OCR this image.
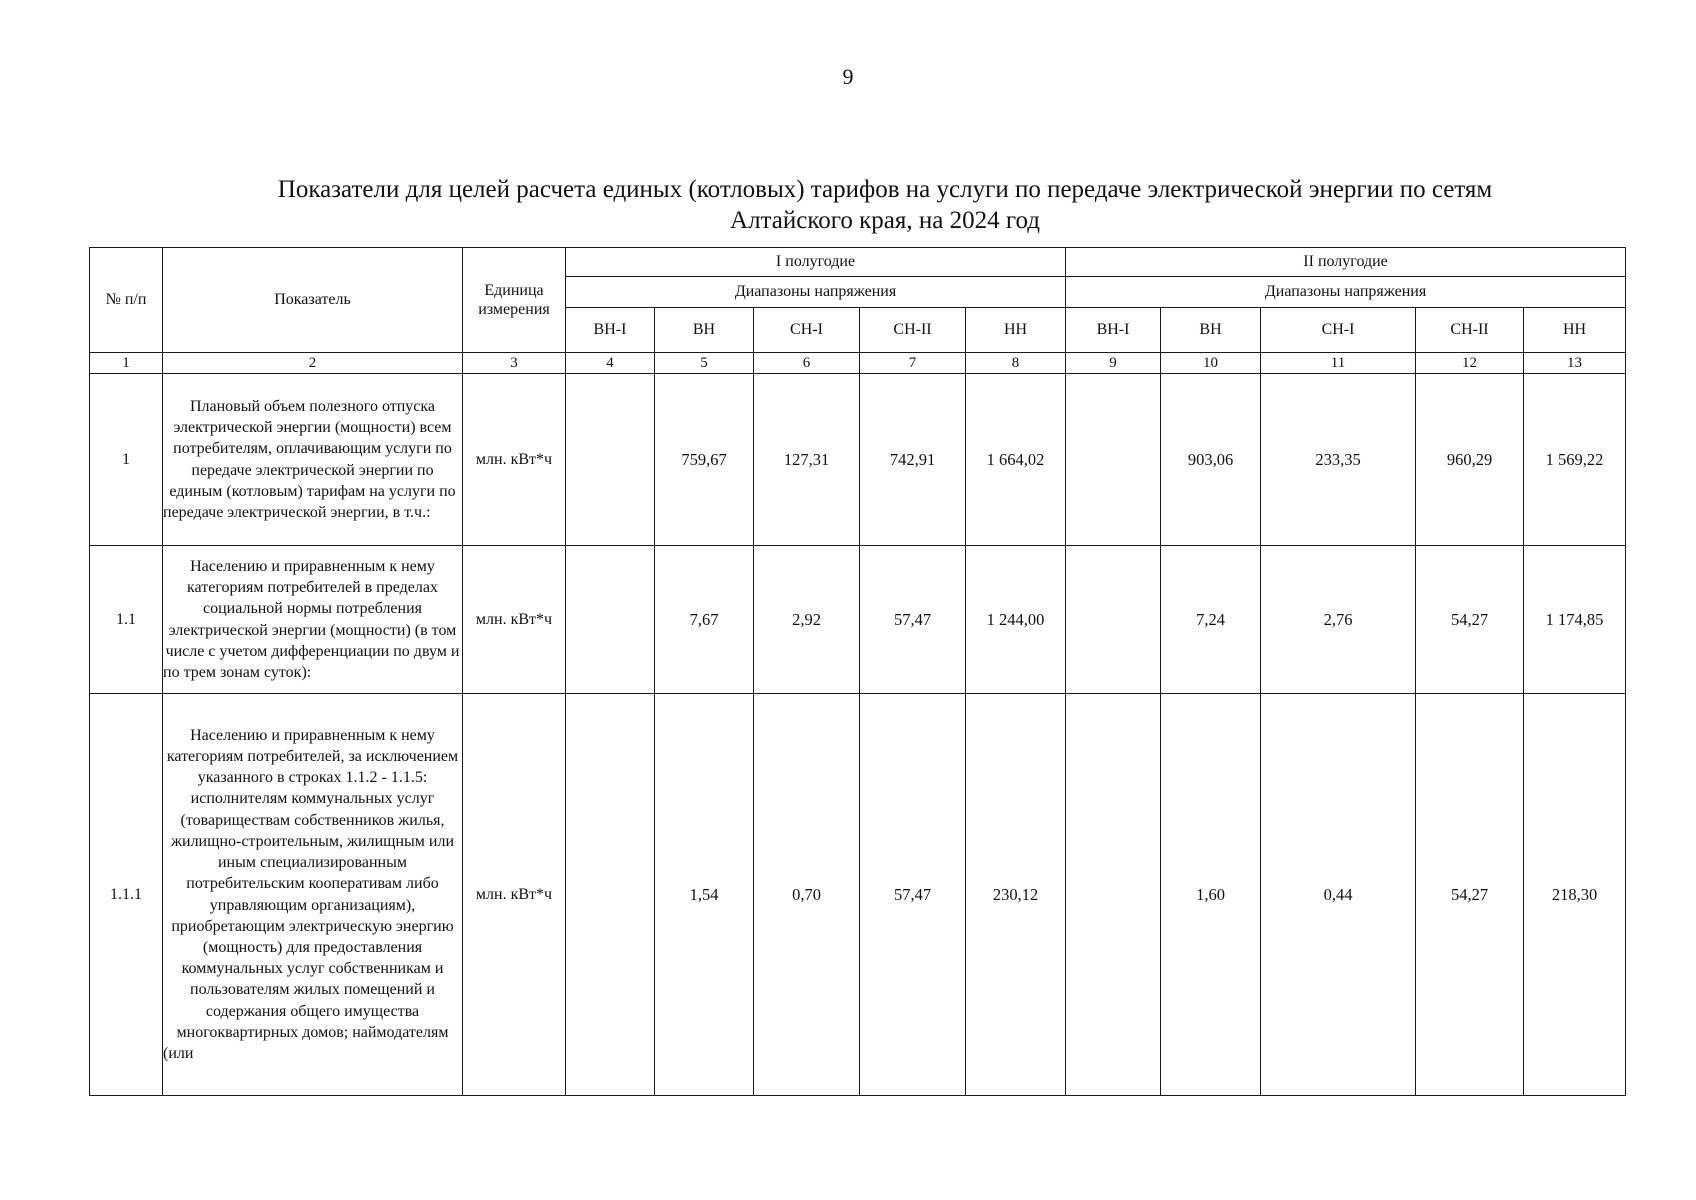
9
Показатели для целей расчета единых (котловых) тарифов на услуги по передаче электрической энергии по сетям
Алтайского края, на 2024 год
№ п/п	Показатель	Единица измерения	I полугодие					II полугодие				
			Диапазоны напряжения					Диапазоны напряжения				
			ВН-I	ВН	СН-I	СН-II	НН	ВН-I	ВН	СН-I	СН-II	НН
1	2	3	4	5	6	7	8	9	10	11	12	13
1	Плановый объем полезного отпуска электрической энергии (мощности) всем потребителям, оплачивающим услуги по передаче электрической энергии по единым (котловым) тарифам на услуги по передаче электрической энергии, в т.ч.:	млн. кВт*ч		759,67	127,31	742,91	1 664,02		903,06	233,35	960,29	1 569,22
1.1	Населению и приравненным к нему категориям потребителей в пределах социальной нормы потребления электрической энергии (мощности) (в том числе с учетом дифференциации по двум и по трем зонам суток):	млн. кВт*ч		7,67	2,92	57,47	1 244,00		7,24	2,76	54,27	1 174,85
1.1.1	Населению и приравненным к нему категориям потребителей, за исключением указанного в строках 1.1.2 - 1.1.5: исполнителям коммунальных услуг (товариществам собственников жилья, жилищно-строительным, жилищным или иным специализированным потребительским кооперативам либо управляющим организациям), приобретающим электрическую энергию (мощность) для предоставления коммунальных услуг собственникам и пользователям жилых помещений и содержания общего имущества многоквартирных домов; наймодателям (или	млн. кВт*ч		1,54	0,70	57,47	230,12		1,60	0,44	54,27	218,30
